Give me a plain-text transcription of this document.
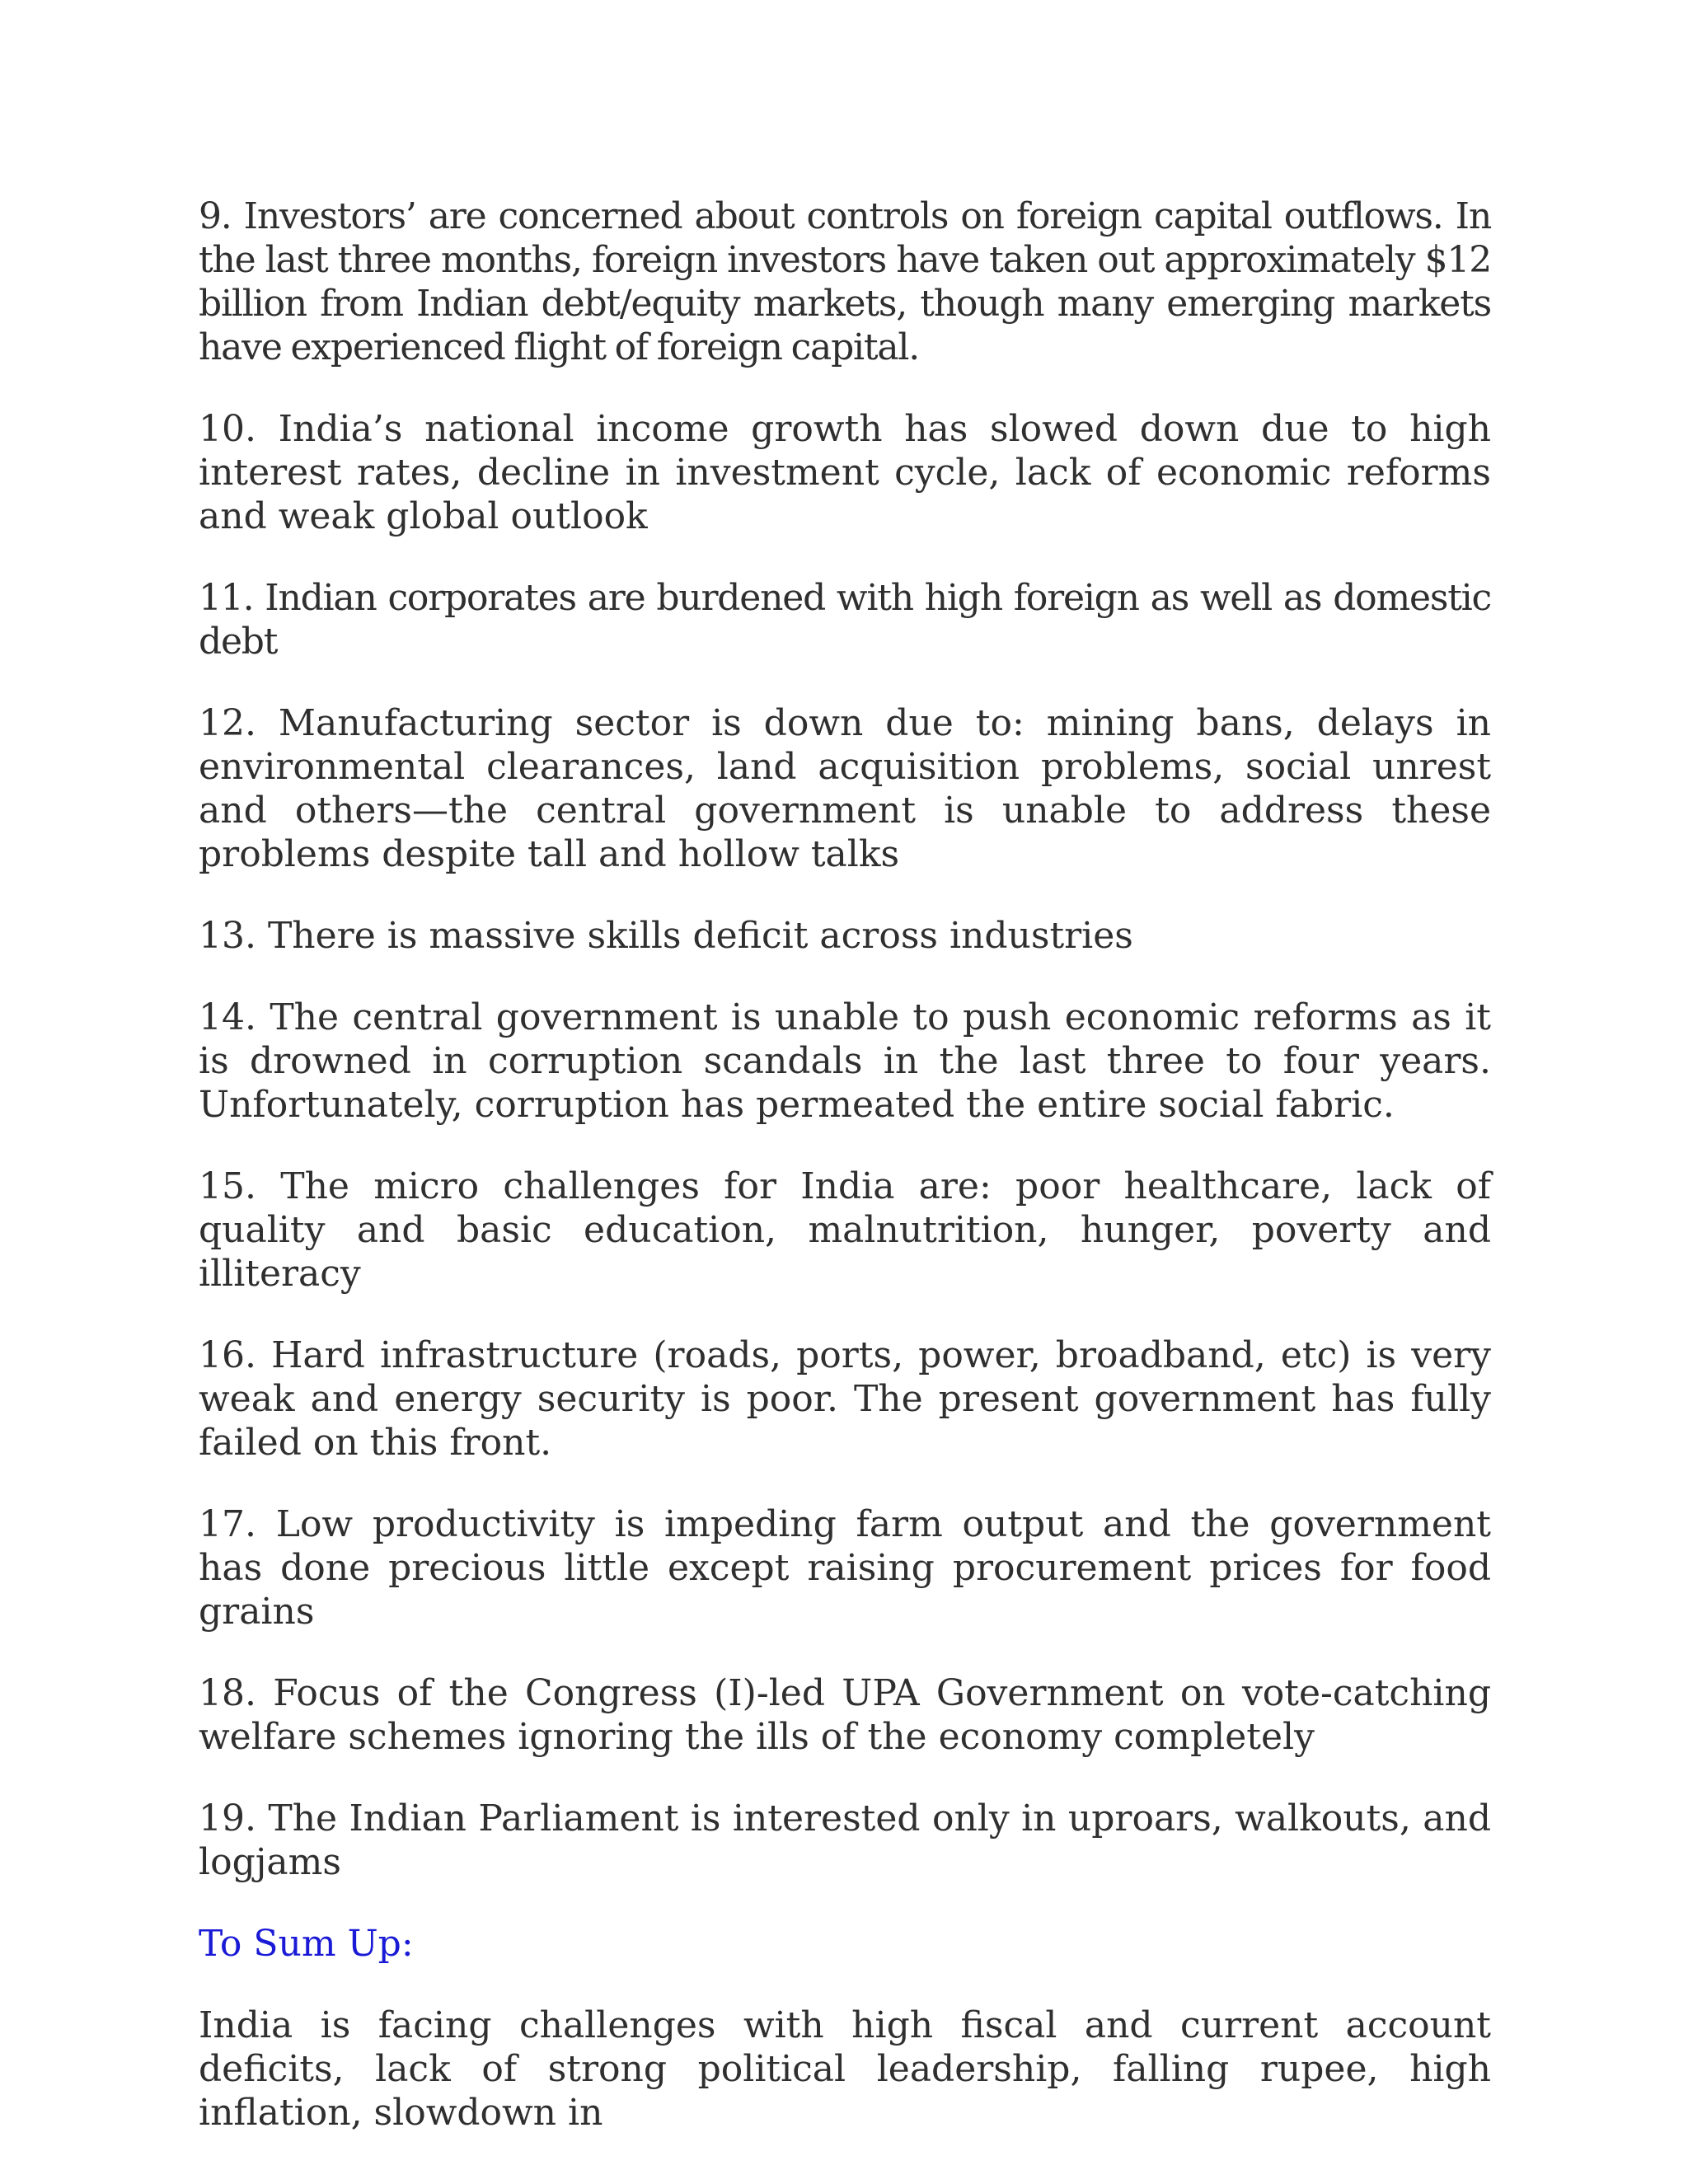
9. Investors’ are concerned about controls on foreign capital outflows. In the last three months, foreign investors have taken out approximately $12 billion from Indian debt/equity markets, though many emerging markets have experienced flight of foreign capital.

10. India’s national income growth has slowed down due to high interest rates, decline in investment cycle, lack of economic reforms and weak global outlook

11. Indian corporates are burdened with high foreign as well as domestic debt

12. Manufacturing sector is down due to: mining bans, delays in environmental clearances, land acquisition problems, social unrest and others—the central government is unable to address these problems despite tall and hollow talks

13. There is massive skills deficit across industries

14. The central government is unable to push economic reforms as it is drowned in corruption scandals in the last three to four years. Unfortunately, corruption has permeated the entire social fabric.

15. The micro challenges for India are: poor healthcare, lack of quality and basic education, malnutrition, hunger, poverty and illiteracy

16. Hard infrastructure (roads, ports, power, broadband, etc) is very weak and energy security is poor. The present government has fully failed on this front.

17. Low productivity is impeding farm output and the government has done precious little except raising procurement prices for food grains

18. Focus of the Congress (I)-led UPA Government on vote-catching welfare schemes ignoring the ills of the economy completely

19. The Indian Parliament is interested only in uproars, walkouts, and logjams

To Sum Up:

India is facing challenges with high fiscal and current account deficits, lack of strong political leadership, falling rupee, high inflation, slowdown in
